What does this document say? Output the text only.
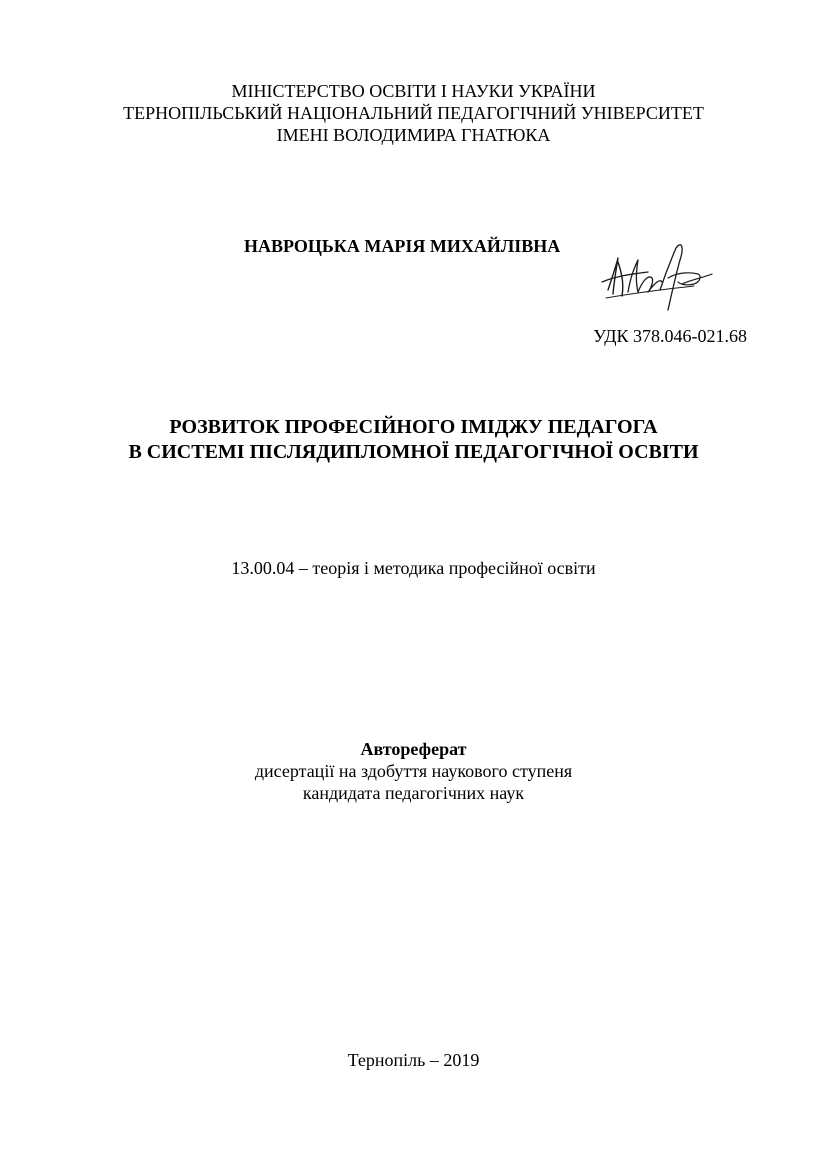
МІНІСТЕРСТВО ОСВІТИ І НАУКИ УКРАЇНИ
ТЕРНОПІЛЬСЬКИЙ НАЦІОНАЛЬНИЙ ПЕДАГОГІЧНИЙ УНІВЕРСИТЕТ
ІМЕНІ ВОЛОДИМИРА ГНАТЮКА
НАВРОЦЬКА МАРІЯ МИХАЙЛІВНА
УДК 378.046-021.68
РОЗВИТОК ПРОФЕСІЙНОГО ІМІДЖУ ПЕДАГОГА
В СИСТЕМІ ПІСЛЯДИПЛОМНОЇ ПЕДАГОГІЧНОЇ ОСВІТИ
13.00.04 – теорія і методика професійної освіти
Автореферат
дисертації на здобуття наукового ступеня
кандидата педагогічних наук
Тернопіль – 2019
